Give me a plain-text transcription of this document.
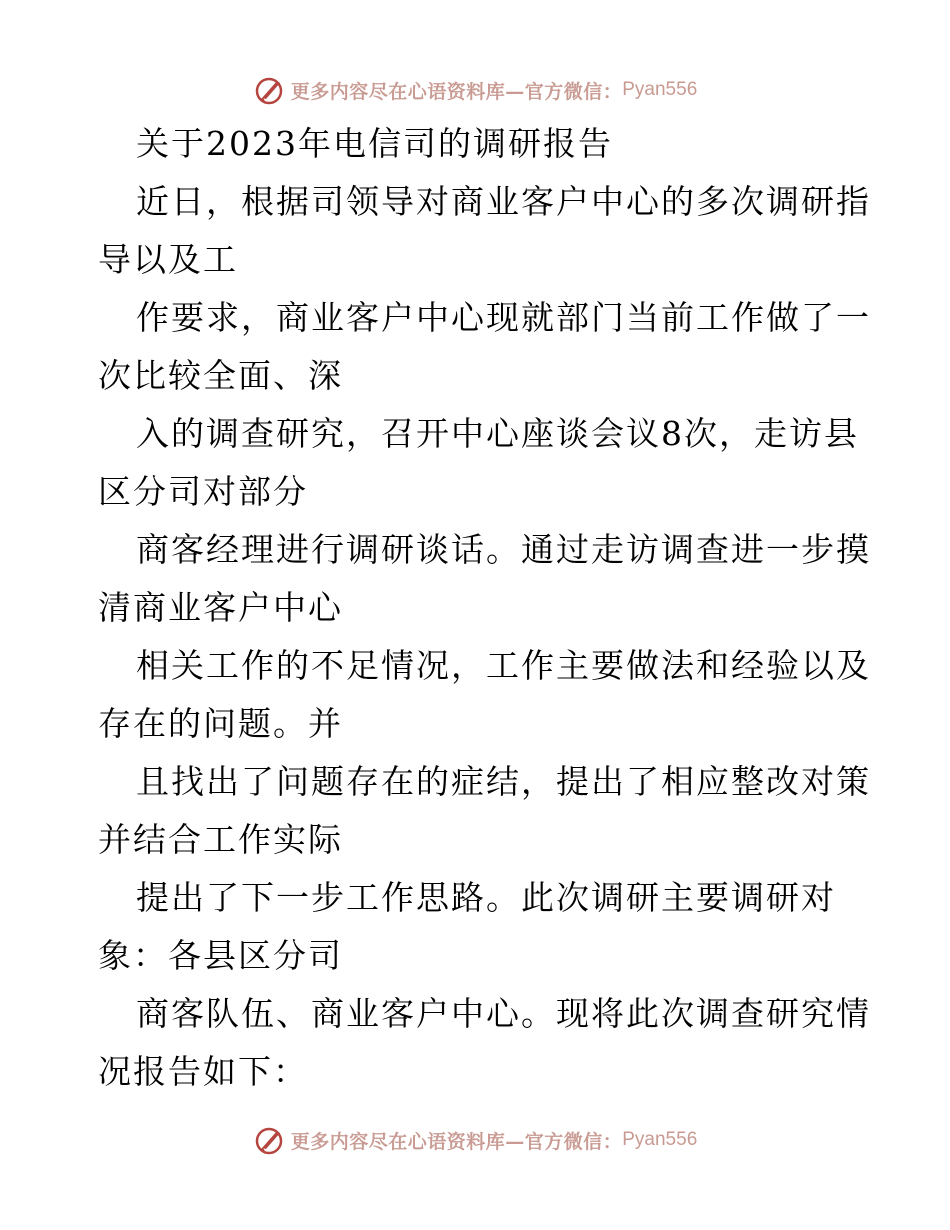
更多内容尽在心语资料库—官方微信： Pyan556
关于2023年电信司的调研报告
近日，根据司领导对商业客户中心的多次调研指
导以及工
作要求，商业客户中心现就部门当前工作做了一
次比较全面、深
入的调查研究，召开中心座谈会议8次，走访县
区分司对部分
商客经理进行调研谈话。通过走访调查进一步摸
清商业客户中心
相关工作的不足情况，工作主要做法和经验以及
存在的问题。并
且找出了问题存在的症结，提出了相应整改对策
并结合工作实际
提出了下一步工作思路。此次调研主要调研对
象：各县区分司
商客队伍、商业客户中心。现将此次调查研究情
况报告如下：
更多内容尽在心语资料库—官方微信： Pyan556
